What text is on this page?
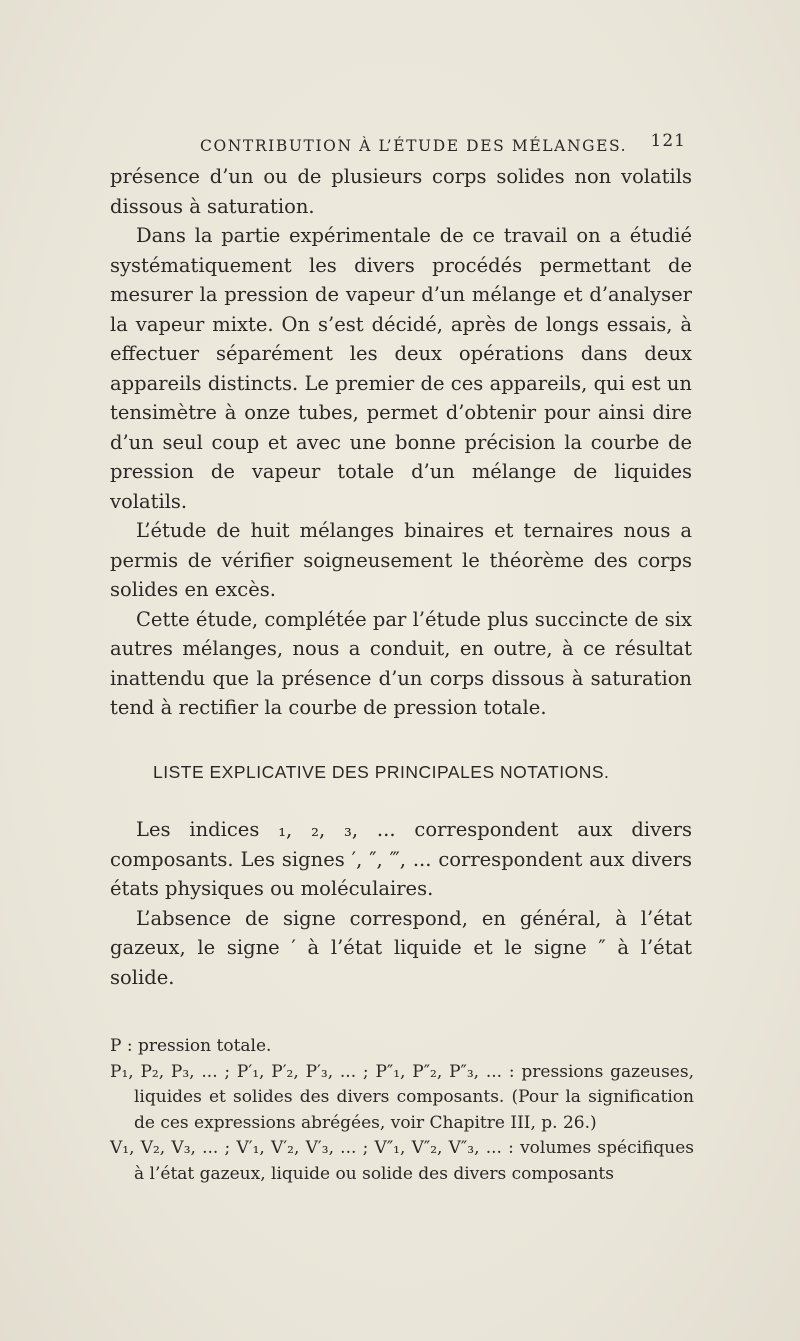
CONTRIBUTION À L’ÉTUDE DES MÉLANGES. 121

présence d’un ou de plusieurs corps solides non volatils dissous à saturation.

Dans la partie expérimentale de ce travail on a étudié systématiquement les divers procédés permettant de mesurer la pression de vapeur d’un mélange et d’analyser la vapeur mixte. On s’est décidé, après de longs essais, à effectuer séparément les deux opérations dans deux appareils distincts. Le premier de ces appareils, qui est un tensimètre à onze tubes, permet d’obtenir pour ainsi dire d’un seul coup et avec une bonne précision la courbe de pression de vapeur totale d’un mélange de liquides volatils.

L’étude de huit mélanges binaires et ternaires nous a permis de vérifier soigneusement le théorème des corps solides en excès.

Cette étude, complétée par l’étude plus succincte de six autres mélanges, nous a conduit, en outre, à ce résultat inattendu que la présence d’un corps dissous à saturation tend à rectifier la courbe de pression totale.

LISTE EXPLICATIVE DES PRINCIPALES NOTATIONS.

Les indices ₁, ₂, ₃, ... correspondent aux divers composants. Les signes ′, ″, ‴, ... correspondent aux divers états physiques ou moléculaires.

L’absence de signe correspond, en général, à l’état gazeux, le signe ′ à l’état liquide et le signe ″ à l’état solide.

P : pression totale.

P₁, P₂, P₃, ... ; P′₁, P′₂, P′₃, ... ; P″₁, P″₂, P″₃, ... : pressions gazeuses, liquides et solides des divers composants. (Pour la signification de ces expressions abrégées, voir Chapitre III, p. 26.)

V₁, V₂, V₃, ... ; V′₁, V′₂, V′₃, ... ; V″₁, V″₂, V″₃, ... : volumes spécifiques à l’état gazeux, liquide ou solide des divers composants
